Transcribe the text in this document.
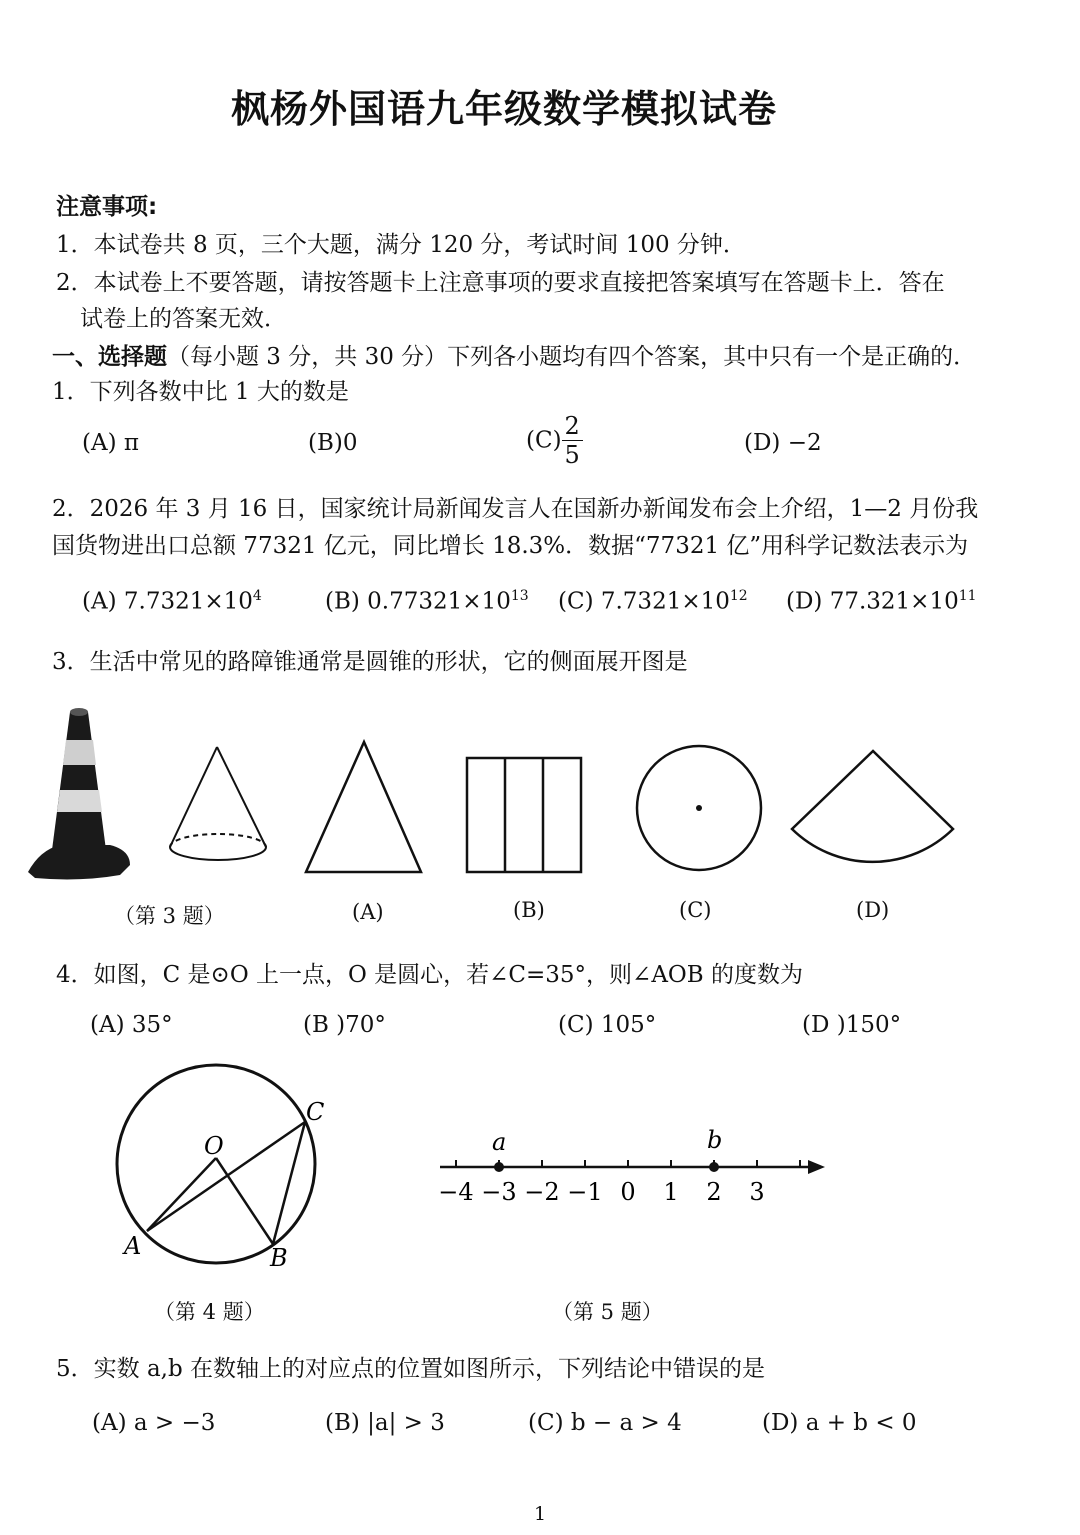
枫杨外国语九年级数学模拟试卷
注意事项:
1．本试卷共 8 页，三个大题，满分 120 分，考试时间 100 分钟．
2．本试卷上不要答题，请按答题卡上注意事项的要求直接把答案填写在答题卡上．答在
试卷上的答案无效．
一、选择题（每小题 3 分，共 30 分）下列各小题均有四个答案，其中只有一个是正确的．
1．下列各数中比 1 大的数是
(A) π	(B)0	$(C) \frac{2}{5}$	(D) −2
2．2026 年 3 月 16 日，国家统计局新闻发言人在国新办新闻发布会上介绍，1—2 月份我
国货物进出口总额 77321 亿元，同比增长 18.3%．数据“77321 亿”用科学记数法表示为
(A) $7.7321\times 10^4$	(B) $0.77321\times 10^{13}$ (C) $7.7321\times 10^{12}$ (D) $77.321\times 10^{11}$
3．生活中常见的路障锥通常是圆锥的形状，它的侧面展开图是
（第 3 题）	(A)	(B)	(C)	(D)
4．如图，C 是⊙O 上一点，O 是圆心，若∠C=35°，则∠AOB 的度数为
(A) 35°	(B )70°	(C) 105°	(D )150°
O
A	B
C
−4 −3 −2 −1 0 1 2 3
a	b
（第 4 题）	（第 5 题）
5．实数 a,b 在数轴上的对应点的位置如图所示，下列结论中错误的是
(A) a > −3	(B) |a| > 3	(C) b − a > 4	(D) a + b < 0
1
